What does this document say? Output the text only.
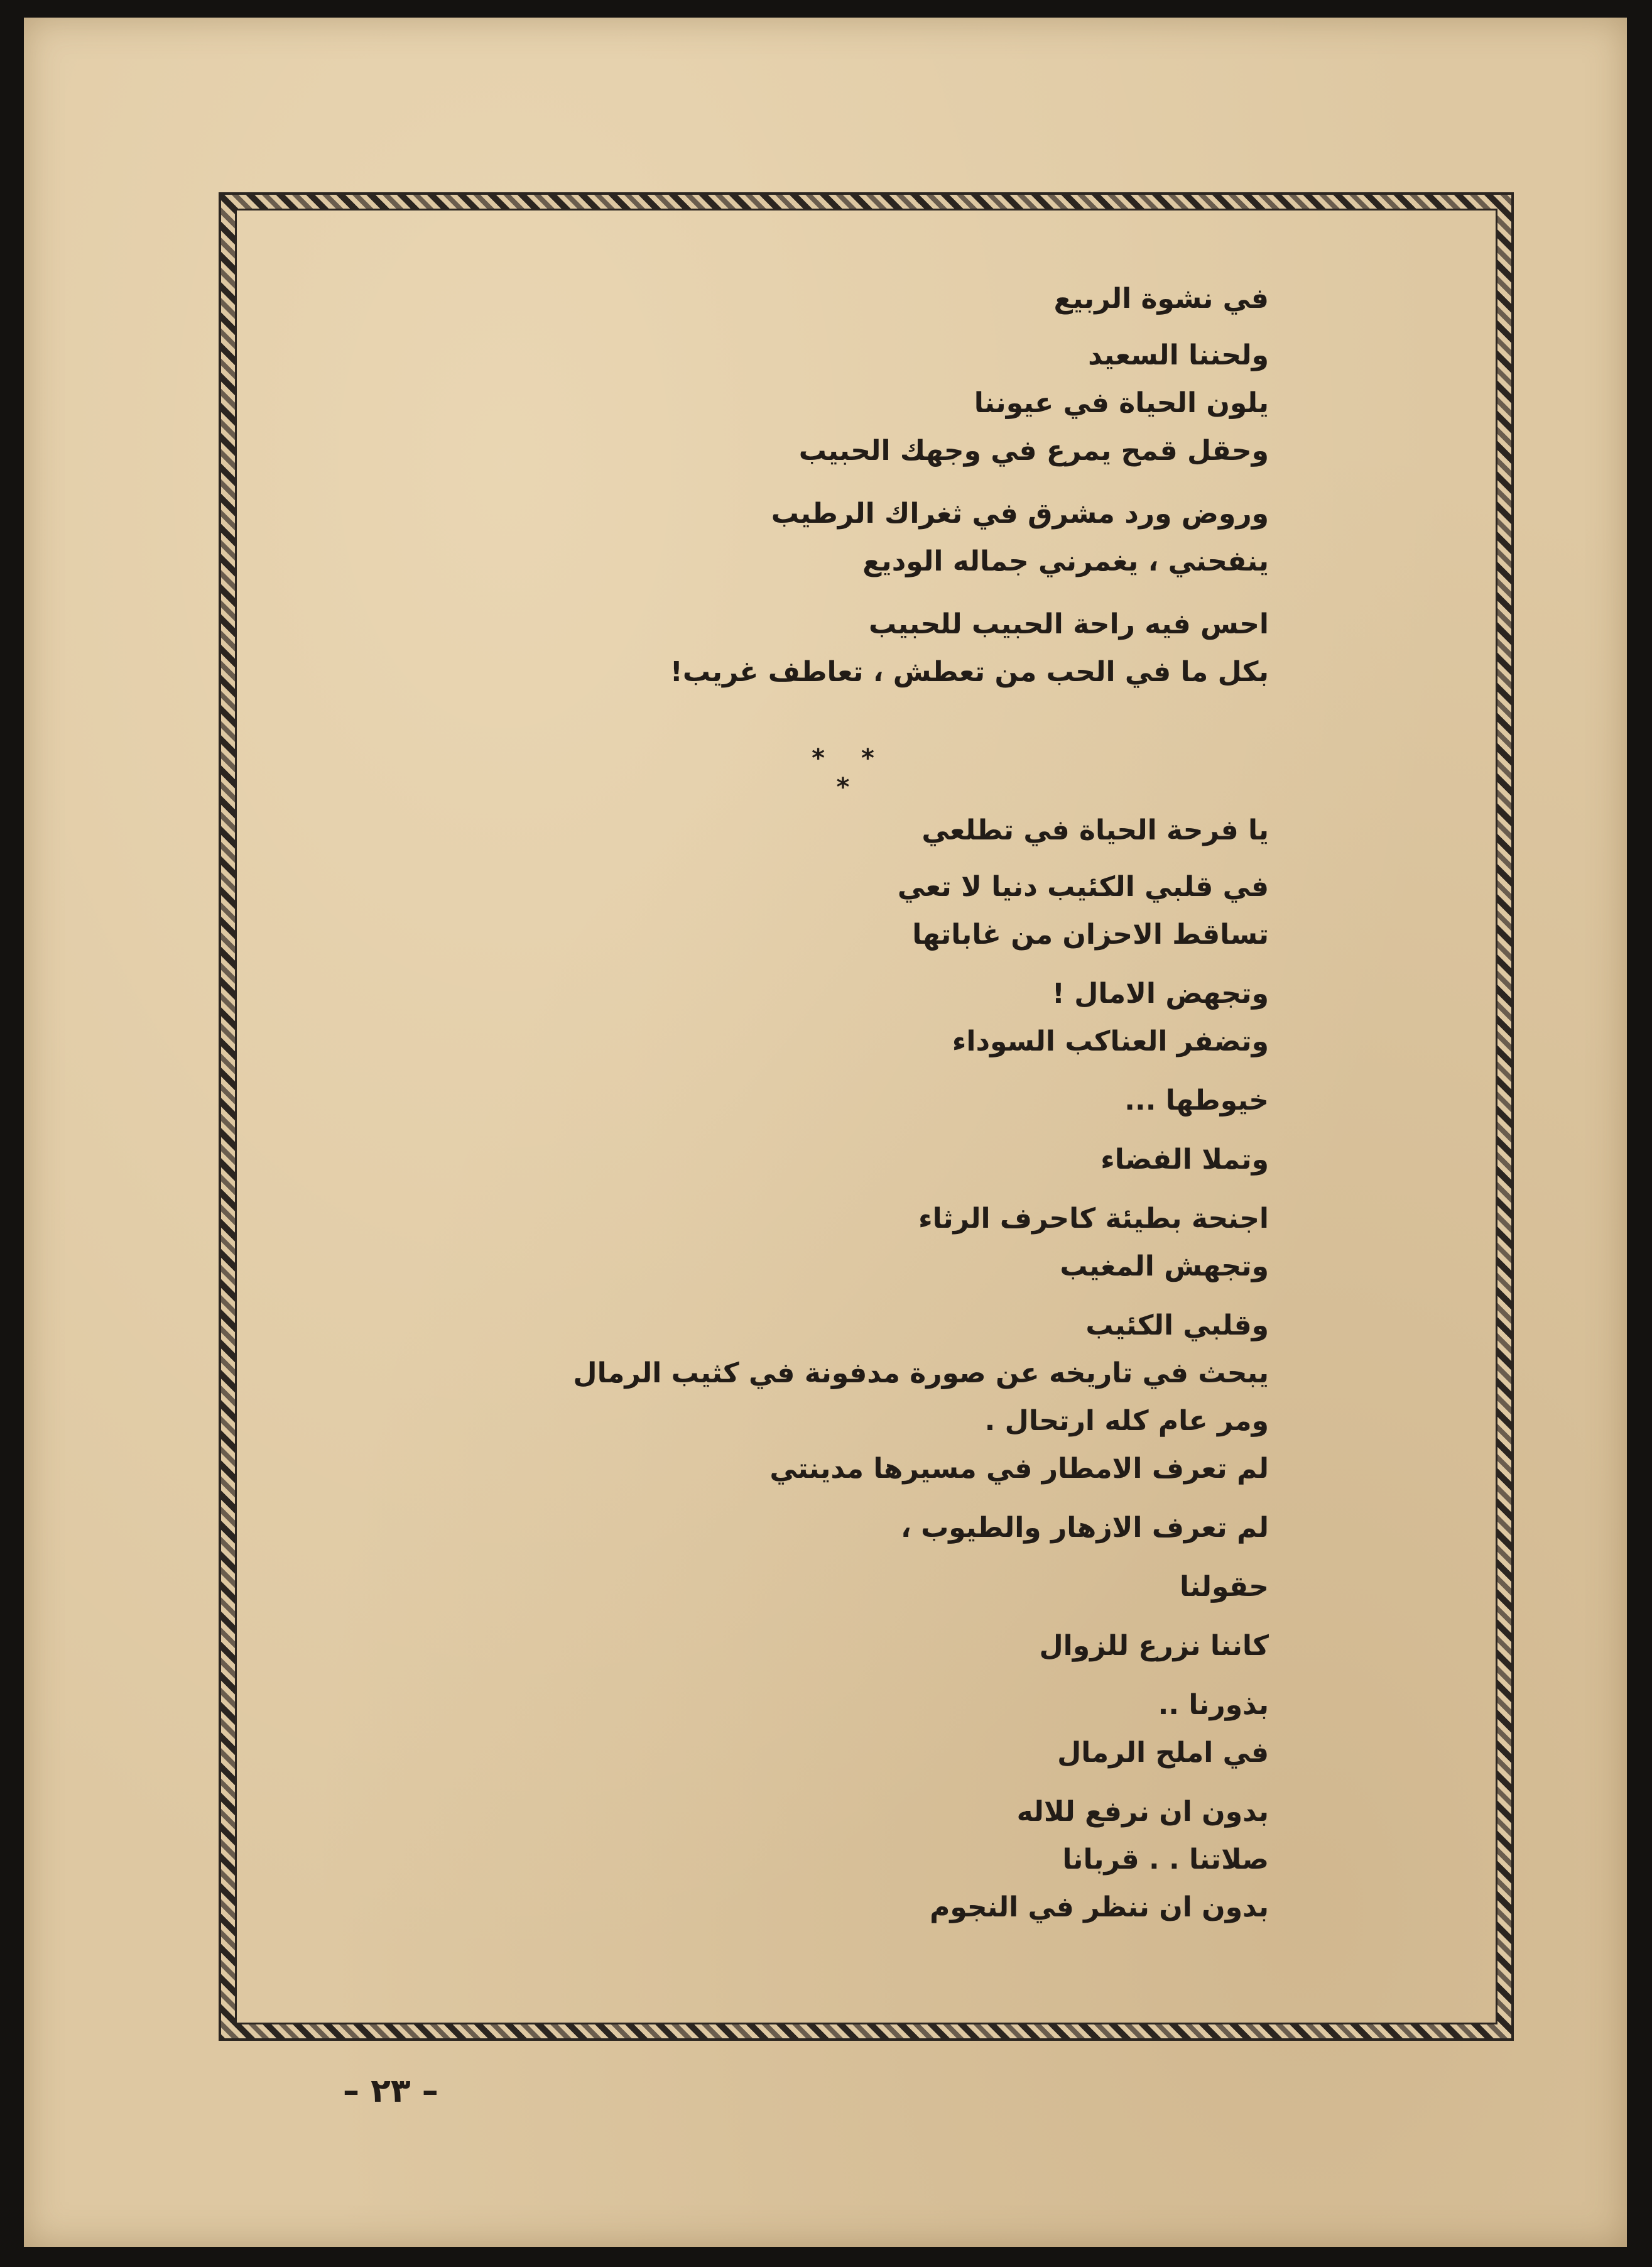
في نشوة الربيع
ولحننا السعيد
يلون الحياة في عيوننا
وحقل قمح يمرع في وجهك الحبيب
وروض ورد مشرق في ثغراك الرطيب
ينفحني ، يغمرني جماله الوديع
احس فيه راحة الحبيب للحبيب
بكل ما في الحب من تعطش ، تعاطف غريب!
يا فرحة الحياة في تطلعي
في قلبي الكئيب دنيا لا تعي
تساقط الاحزان من غاباتها
وتجهض الامال !
وتضفر العناكب السوداء
خيوطها ...
وتملا الفضاء
اجنحة بطيئة كاحرف الرثاء
وتجهش المغيب
وقلبي الكئيب
يبحث في تاريخه عن صورة مدفونة في كثيب الرمال
ومر عام كله ارتحال .
لم تعرف الامطار في مسيرها مدينتي
لم تعرف الازهار والطيوب ،
حقولنا
كاننا نزرع للزوال
بذورنا ..
في املح الرمال
بدون ان نرفع للاله
صلاتنا . . قربانا
بدون ان ننظر في النجوم
* * *
– ٢٣ –
